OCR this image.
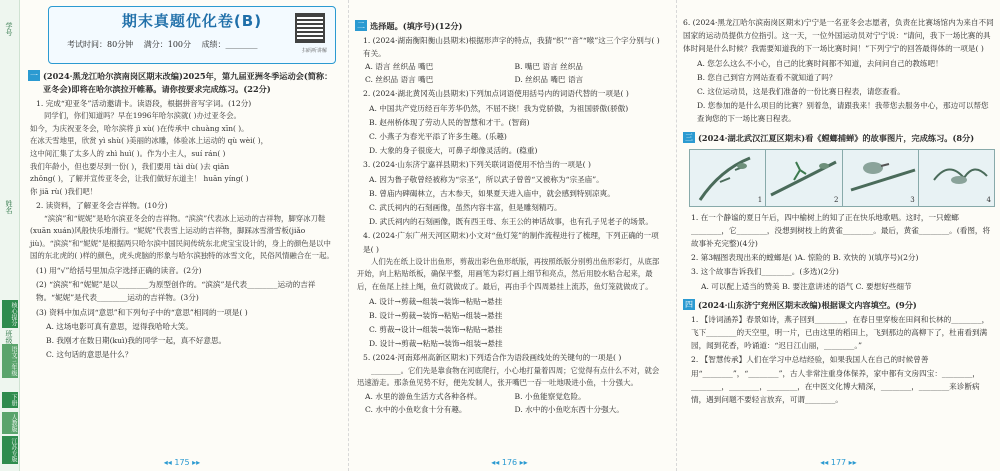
学号
姓名
班级
核心提分
语文三年级
下册
人教版
江苏专版
期末真题优化卷(B)
考试时间：80分钟 满分：100分 成绩：________
扫码听讲解
一 (2024·黑龙江哈尔滨南岗区期末改编)2025年，第九届亚洲冬季运动会(简称：亚冬会)即将在哈尔滨拉开帷幕。请你按要求完成练习。(22分)
1. 完成“迎亚冬”活动邀请卡。读语段，根据拼音写字词。(12分)
同学们，你们知道吗？早在1996年哈尔滨就( )办过亚冬会。
如今，为庆祝亚冬会，哈尔滨将 jì xù( )在传承中 chuàng xīn( )。
在冰天雪地里，欣赏 yì shù( )美丽的冰雕，体验冰上运动的 qù wèi( )，
这中间汇集了太多人的 zhì huì( )。作为小主人，suí rán( )
我们年龄小，但也要尽到一份( )，我们要用 tài dù( )去 qiān
zhǒng( )，了解并宣传亚冬会，让我们做好东道主！ huān yíng( )
你 jiā rù( )我们吧！
2. 读资料，了解亚冬会吉祥物。(10分)
“滨滨”和“妮妮”是哈尔滨亚冬会的吉祥物。“滨滨”代表冰上运动的吉祥物，脚穿冰刀鞋(xuān xuán)风般快乐地滑行。“妮妮”代表雪上运动的吉祥物，脚踩冰雪滑雪板(jiǎo jiù)。“滨滨”和“妮妮”是根据两只哈尔滨中国民间传统东北虎宝宝设计的，身上的颜色是以中国的东北虎的( )样的颜色，虎头虎脑的形象与哈尔滨独特的冰雪文化，民俗风情融合在一起。
(1) 用“√”给括号里加点字选择正确的读音。(2分)
(2) “滨滨”和“妮妮”是以________为原型创作的。“滨滨”是代表________运动的吉祥物。“妮妮”是代表________运动的吉祥物。(3分)
(3) 资料中加点词“意思”和下列句子中的“意思”相同的一项是( )
A. 这场电影可真有意思，逗得我哈哈大笑。
B. 我刚才在数日期(kuì)我的同学一起，真不好意思。
C. 这句话的意思是什么？
◂◂ 175 ▸▸
二 选择题。(填序号)(12分)
1. (2024·湖南衡阳衡山县期末)根据形声字的特点，我猜“织”“音”“喉”这三个字分别与( )有关。
A. 语言 丝织品 嘴巴	B. 嘴巴 语言 丝织品
C. 丝织品 语言 嘴巴	D. 丝织品 嘴巴 语言
2. (2024·湖北黄冈英山县期末)下列加点词语使用括号内的词语代替的一项是( )
A. 中国共产党历经百年芳华仍然，不屈不挠！我为党骄傲，为祖国骄傲(骄傲)
B. 赵州桥体现了劳动人民的智慧和才干。(智商)
C. 小燕子为春光平添了许多生趣。(乐趣)
D. 大象的身子很庞大，可鼻子却像灵活的。(稳重)
3. (2024·山东济宁嘉祥县期末)下列关联词语使用不恰当的一项是( )
A. 因为鲁子敬曾经被称为“宗圣”，所以武子曾曾“又被称为“宗圣庙”。
B. 曾庙内碑碣林立，古木参天，如果夏天进入庙中，就会感到特别凉爽。
C. 武氏祠内的石刻画像，虽然内容丰富，但是雕刻精巧。
D. 武氏祠内的石刻画像，既有西王母、东王公的神话故事，也有孔子见老子的场景。
4. (2024·广东广州天河区期末)小文对“鱼灯笼”的制作流程进行了梳理，下列正确的一项是( )
人们先在纸上设计出鱼形，剪裁出彩色鱼形纸版，再按照纸版分别剪出鱼形彩灯，从底部开始，向上粘贴纸板，确保平整，用画笔为彩灯画上细节和亮点，然后用胶水粘合起来，最后，在鱼尾上挂上绳，鱼灯就做成了。最后，再由手个四周悬挂上流苏，鱼灯笼就做成了。
A. 设计→剪裁→组装→装饰→粘贴→悬挂
B. 设计→剪裁→装饰→粘贴→组装→悬挂
C. 剪裁→设计→组装→装饰→粘贴→悬挂
D. 设计→剪裁→粘贴→装饰→组装→悬挂
5. (2024·河南郑州高新区期末)下列适合作为语段画线处的关键句的一项是( )
________。它们先是靠食物在河底爬行，小心地打量着四周；它觉得有点什么不对，就会迅速游走。那条鱼见势不好，便先发制人，张开嘴巴一吞一吐地吸进小鱼，十分强大。
A. 水里的游鱼生活方式各种各样。	B. 小鱼能察觉危险。
C. 水中的小鱼吃食十分有趣。	D. 水中的小鱼吃东西十分强大。
◂◂ 176 ▸▸
6. (2024·黑龙江哈尔滨南岗区期末)宁宁是一名亚冬会志愿者，负责在比赛场馆内为来自不同国家的运动员提供方位指引。这一天，一位外国运动员对宁宁说：“请问，我下一场比赛的具体时间是什么时候？我需要知道我的下一场比赛时间！”下列宁宁的回答最得体的一项是( )
A. 您怎么这么不小心，自己的比赛时间都不知道，去问问自己的教练吧！
B. 您自己到官方网站查看不就知道了吗？
C. 这位运动员，这是我们准备的一份比赛日程表，请您查看。
D. 您参加的是什么项目的比赛？别着急，请跟我来！我带您去服务中心，那边可以帮您查询您的下一场比赛日程表。
三 (2024·湖北武汉江夏区期末)看《螳螂捕蝉》的故事图片，完成练习。(8分)
1	2	3	4
1. 在一个静谧的夏日午后，四中榆树上的知了正在快乐地歌唱。这时，一只螳螂________，它________，没想到树枝上的黄雀________。最后，黄雀________。(看图，将故事补充完整)(4分)
2. 第3幅图表现出来的螳螂是( )A. 惊险的 B. 欢快的 )(填序号)(2分)
3. 这个故事告诉我们________。(多选)(2分)
A. 可以配上适当的赞美 B. 要注意讲述的语气 C. 要想好些细节
四 (2024·山东济宁兖州区期末改编)根据课文内容填空。(9分)
1. 【诗词涵养】春景如诗，燕子回到________，在春日里穿梭在田间和长林的________，飞下________的天空里，明一片，已由这里的稻田上，飞到那边的高柳下了，杜甫看到满园，闻到花香，吟诵道：“迟日江山丽，________。”
2. 【智慧传承】人们在学习中总结经验，如果我国人在自己的时候曾善用“________”，“________”，古人非常注重身体保养，家中都有文房四宝：________，________，________，________，在中医文化博大精深，________，________来诊断病情，遇到问题不要轻言放弃，可谓________。
◂◂ 177 ▸▸
